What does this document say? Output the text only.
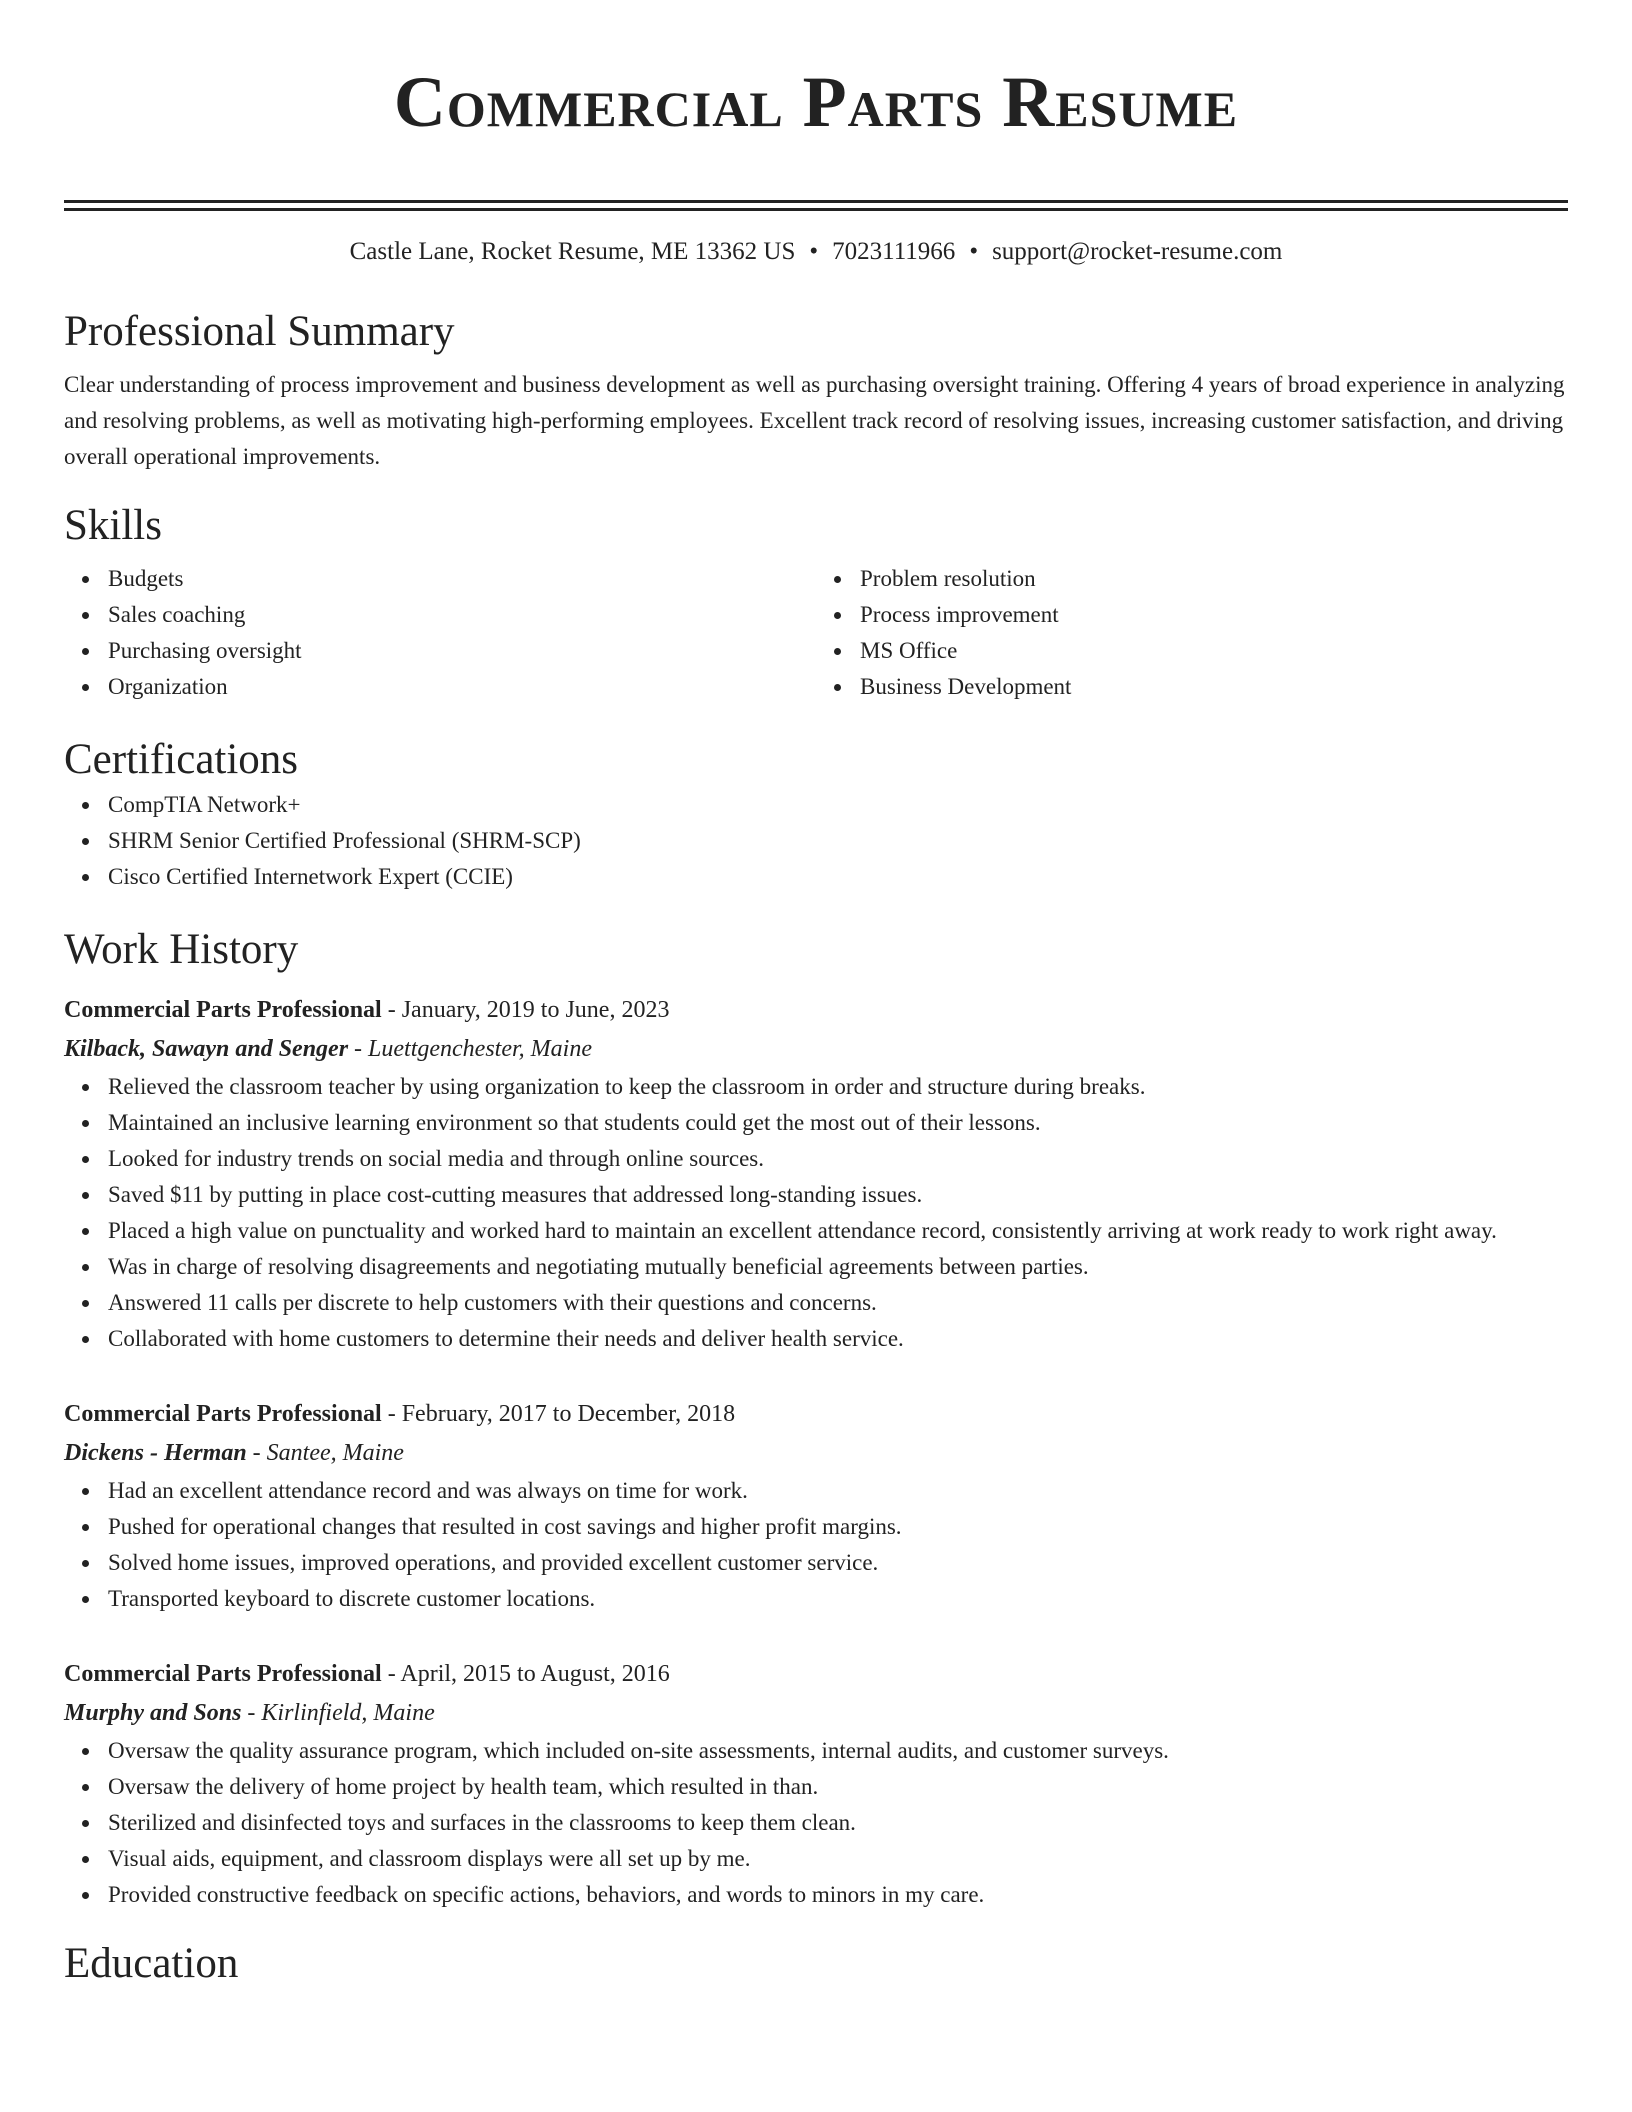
Commercial Parts Resume
Castle Lane, Rocket Resume, ME 13362 US • 7023111966 • support@rocket-resume.com
Professional Summary

Clear understanding of process improvement and business development as well as purchasing oversight training. Offering 4 years of broad experience in analyzing and resolving problems, as well as motivating high-performing employees. Excellent track record of resolving issues, increasing customer satisfaction, and driving overall operational improvements.

Skills
Budgets
Sales coaching
Purchasing oversight
Organization
Problem resolution
Process improvement
MS Office
Business Development
Certifications
CompTIA Network+
SHRM Senior Certified Professional (SHRM-SCP)
Cisco Certified Internetwork Expert (CCIE)
Work History
Commercial Parts Professional - January, 2019 to June, 2023
Kilback, Sawayn and Senger - Luettgenchester, Maine
Relieved the classroom teacher by using organization to keep the classroom in order and structure during breaks.
Maintained an inclusive learning environment so that students could get the most out of their lessons.
Looked for industry trends on social media and through online sources.
Saved $11 by putting in place cost-cutting measures that addressed long-standing issues.
Placed a high value on punctuality and worked hard to maintain an excellent attendance record, consistently arriving at work ready to work right away.
Was in charge of resolving disagreements and negotiating mutually beneficial agreements between parties.
Answered 11 calls per discrete to help customers with their questions and concerns.
Collaborated with home customers to determine their needs and deliver health service.
Commercial Parts Professional - February, 2017 to December, 2018
Dickens - Herman - Santee, Maine
Had an excellent attendance record and was always on time for work.
Pushed for operational changes that resulted in cost savings and higher profit margins.
Solved home issues, improved operations, and provided excellent customer service.
Transported keyboard to discrete customer locations.
Commercial Parts Professional - April, 2015 to August, 2016
Murphy and Sons - Kirlinfield, Maine
Oversaw the quality assurance program, which included on-site assessments, internal audits, and customer surveys.
Oversaw the delivery of home project by health team, which resulted in than.
Sterilized and disinfected toys and surfaces in the classrooms to keep them clean.
Visual aids, equipment, and classroom displays were all set up by me.
Provided constructive feedback on specific actions, behaviors, and words to minors in my care.
Education
